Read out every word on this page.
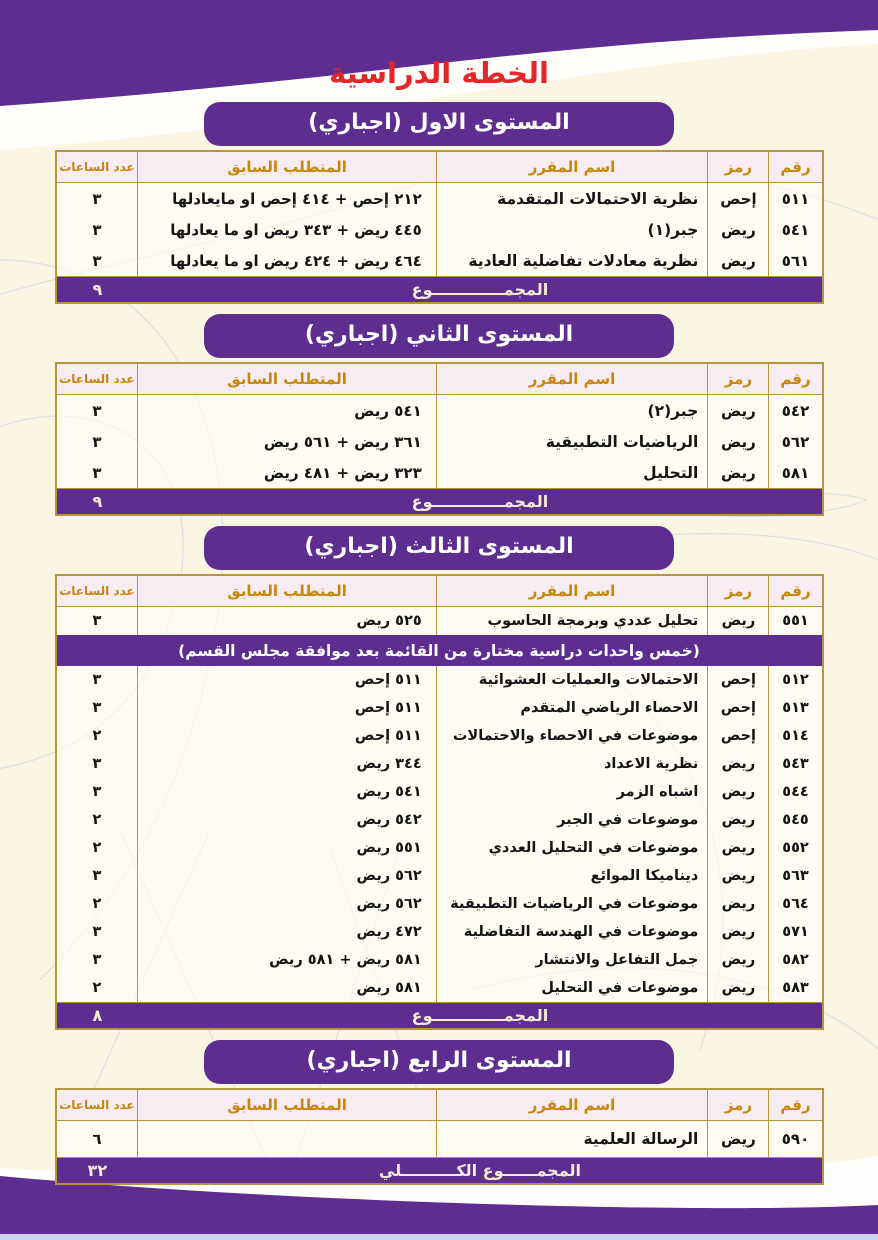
الخطة الدراسية
المستوى الاول (اجباري)
رقم
رمز
اسم المقرر
المتطلب السابق
عدد الساعات
٥١١
إحص
نظرية الاحتمالات المتقدمة
٢١٢ إحص + ٤١٤ إحص او مايعادلها
٣
٥٤١
ريض
جبر(١)
٤٤٥ ريض + ٣٤٣ ريض او ما يعادلها
٣
٥٦١
ريض
نظرية معادلات تفاضلية العادية
٤٦٤ ريض + ٤٢٤ ريض او ما يعادلها
٣
المجمـــــــــــــوع
٩
المستوى الثاني (اجباري)
رقم
رمز
اسم المقرر
المتطلب السابق
عدد الساعات
٥٤٢
ريض
جبر(٢)
٥٤١ ريض
٣
٥٦٢
ريض
الرياضيات التطبيقية
٣٦١ ريض + ٥٦١ ريض
٣
٥٨١
ريض
التحليل
٣٢٣ ريض + ٤٨١ ريض
٣
المجمـــــــــــــوع
٩
المستوى الثالث (اجباري)
رقم
رمز
اسم المقرر
المتطلب السابق
عدد الساعات
٥٥١
ريض
تحليل عددي وبرمجة الحاسوب
٥٢٥ ريض
٣
(خمس واحدات دراسية مختارة من القائمة بعد موافقة مجلس القسم)
٥١٢
إحص
الاحتمالات والعمليات العشوائية
٥١١ إحص
٣
٥١٣
إحص
الاحصاء الرياضي المتقدم
٥١١ إحص
٣
٥١٤
إحص
موضوعات في الاحصاء والاحتمالات
٥١١ إحص
٢
٥٤٣
ريض
نظرية الاعداد
٣٤٤ ريض
٣
٥٤٤
ريض
اشباه الزمر
٥٤١ ريض
٣
٥٤٥
ريض
موضوعات في الجبر
٥٤٢ ريض
٢
٥٥٢
ريض
موضوعات في التحليل العددي
٥٥١ ريض
٢
٥٦٣
ريض
ديناميكا الموائع
٥٦٢ ريض
٣
٥٦٤
ريض
موضوعات في الرياضيات التطبيقية
٥٦٢ ريض
٢
٥٧١
ريض
موضوعات في الهندسة التفاضلية
٤٧٢ ريض
٣
٥٨٢
ريض
جمل التفاعل والانتشار
٥٨١ ريض + ٥٨١ ريض
٣
٥٨٣
ريض
موضوعات في التحليل
٥٨١ ريض
٢
المجمـــــــــــــوع
٨
المستوى الرابع (اجباري)
رقم
رمز
اسم المقرر
المتطلب السابق
عدد الساعات
٥٩٠
ريض
الرسالة العلمية
٦
المجمــــــوع الكــــــــــلي
٣٢
